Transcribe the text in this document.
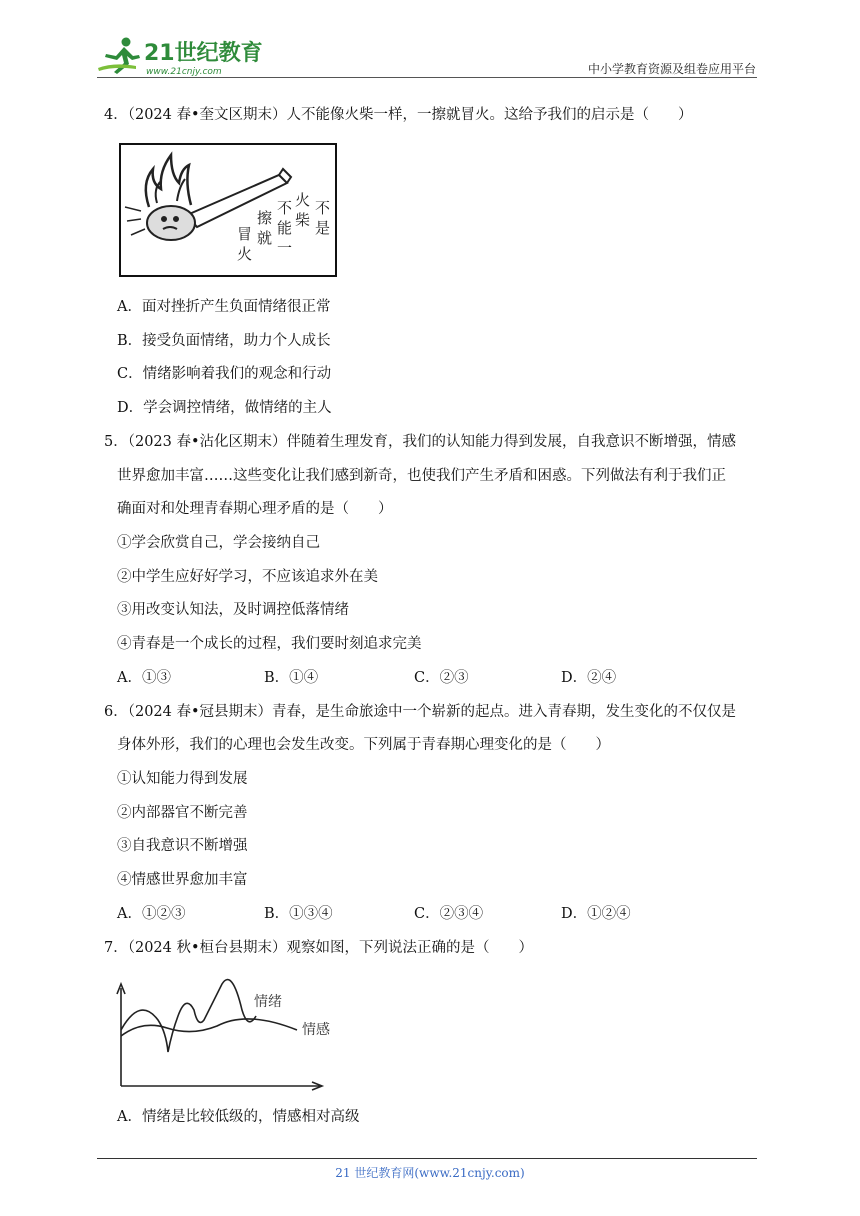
21世纪教育
www.21cnjy.com	中小学教育资源及组卷应用平台
4．（2024 春•奎文区期末）人不能像火柴一样，一擦就冒火。这给予我们的启示是（　　）
不
是
火
柴
不
能
一
擦
就
冒
火
A．面对挫折产生负面情绪很正常
B．接受负面情绪，助力个人成长
C．情绪影响着我们的观念和行动
D．学会调控情绪，做情绪的主人
5．（2023 春•沾化区期末）伴随着生理发育，我们的认知能力得到发展，自我意识不断增强，情感
世界愈加丰富……这些变化让我们感到新奇，也使我们产生矛盾和困惑。下列做法有利于我们正
确面对和处理青春期心理矛盾的是（　　）
①学会欣赏自己，学会接纳自己
②中学生应好好学习，不应该追求外在美
③用改变认知法，及时调控低落情绪
④青春是一个成长的过程，我们要时刻追求完美
A．①③	B．①④	C．②③	D．②④
6．（2024 春•冠县期末）青春，是生命旅途中一个崭新的起点。进入青春期，发生变化的不仅仅是
身体外形，我们的心理也会发生改变。下列属于青春期心理变化的是（　　）
①认知能力得到发展
②内部器官不断完善
③自我意识不断增强
④情感世界愈加丰富
A．①②③	B．①③④	C．②③④	D．①②④
7．（2024 秋•桓台县期末）观察如图，下列说法正确的是（　　）
情绪
情感
A．情绪是比较低级的，情感相对高级
21 世纪教育网(www.21cnjy.com)
